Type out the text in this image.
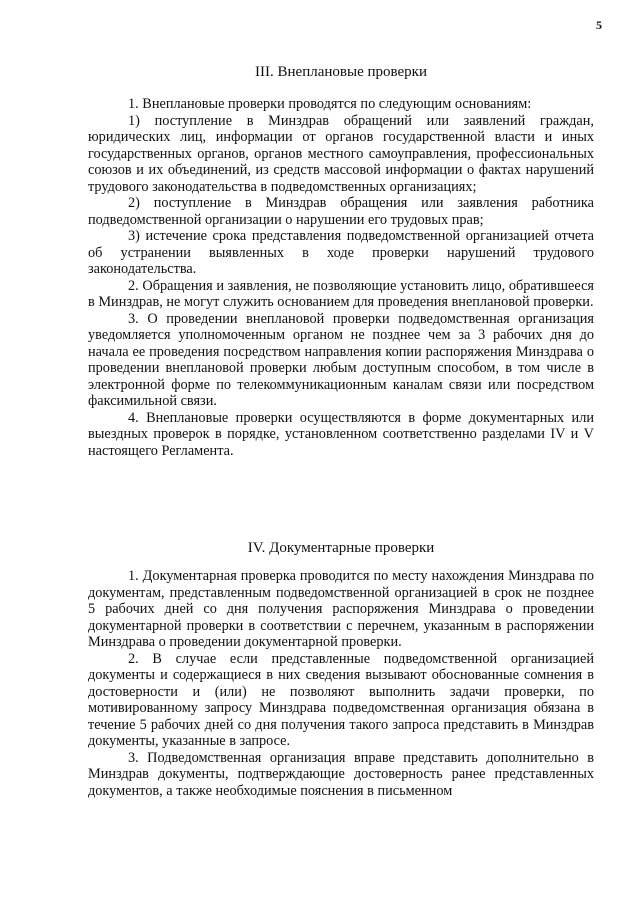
5
III. Внеплановые проверки

1. Внеплановые проверки проводятся по следующим основаниям:

1) поступление в Минздрав обращений или заявлений граждан, юридических лиц, информации от органов государственной власти и иных государственных органов, органов местного самоуправления, профессиональных союзов и их объединений, из средств массовой информации о фактах нарушений трудового законодательства в подведомственных организациях;

2) поступление в Минздрав обращения или заявления работника подведомственной организации о нарушении его трудовых прав;

3) истечение срока представления подведомственной организацией отчета об устранении выявленных в ходе проверки нарушений трудового законодательства.

2. Обращения и заявления, не позволяющие установить лицо, обратившееся в Минздрав, не могут служить основанием для проведения внеплановой проверки.

3. О проведении внеплановой проверки подведомственная организация уведомляется уполномоченным органом не позднее чем за 3 рабочих дня до начала ее проведения посредством направления копии распоряжения Минздрава о проведении внеплановой проверки любым доступным способом, в том числе в электронной форме по телекоммуникационным каналам связи или посредством факсимильной связи.

4. Внеплановые проверки осуществляются в форме документарных или выездных проверок в порядке, установленном соответственно разделами IV и V настоящего Регламента.

IV. Документарные проверки

1. Документарная проверка проводится по месту нахождения Минздрава по документам, представленным подведомственной организацией в срок не позднее 5 рабочих дней со дня получения распоряжения Минздрава о проведении документарной проверки в соответствии с перечнем, указанным в распоряжении Минздрава о проведении документарной проверки.

2. В случае если представленные подведомственной организацией документы и содержащиеся в них сведения вызывают обоснованные сомнения в достоверности и (или) не позволяют выполнить задачи проверки, по мотивированному запросу Минздрава подведомственная организация обязана в течение 5 рабочих дней со дня получения такого запроса представить в Минздрав документы, указанные в запросе.

3. Подведомственная организация вправе представить дополнительно в Минздрав документы, подтверждающие достоверность ранее представленных документов, а также необходимые пояснения в письменном
